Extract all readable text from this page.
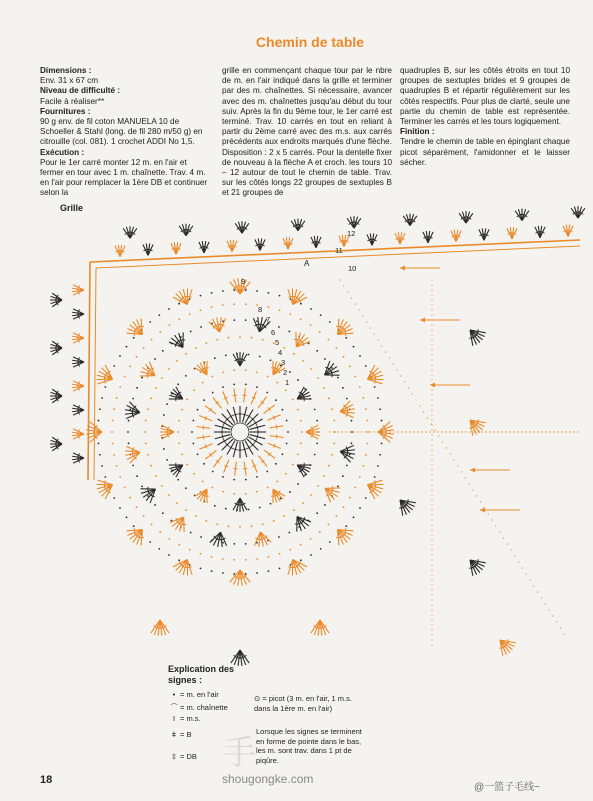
Chemin de table

Dimensions :

Env. 31 x 67 cm

Niveau de difficulté :

Facile à réaliser**

Fournitures :

90 g env. de fil coton MANUELA 10 de Schoeller & Stahl (long. de fil 280 m/50 g) en citrouille (col. 081). 1 crochet ADDI No 1,5.

Exécution :

Pour le 1er carré monter 12 m. en l'air et fermer en tour avec 1 m. chaînette. Trav. 4 m. en l'air pour remplacer la 1ère DB et continuer selon la

grille en commençant chaque tour par le nbre de m. en l'air indiqué dans la grille et terminer par des m. chaînettes. Si nécessaire, avancer avec des m. chaînettes jusqu'au début du tour suiv. Après la fin du 9ème tour, le 1er carré est terminé. Trav. 10 carrés en tout en reliant à partir du 2ème carré avec des m.s. aux carrés précédents aux endroits marqués d'une flèche. Disposition : 2 x 5 carrés. Pour la dentelle fixer de nouveau à la flèche A et croch. les tours 10 – 12 autour de tout le chemin de table. Trav. sur les côtés longs 22 groupes de sextuples B et 21 groupes de

quadruples B, sur les côtés étroits en tout 10 groupes de sextuples brides et 9 groupes de quadruples B et répartir régulièrement sur les côtés respectifs. Pour plus de clarté, seule une partie du chemin de table est représentée. Terminer les carrés et les tours logiquement.

Finition :

Tendre le chemin de table en épinglant chaque picot séparément, l'amidonner et le laisser sécher.

Grille
A
12
11
10
9
8
7
6
5
4
3
2
1
Explication des signes :
• = m. en l'air
⌒ = m. chaînette
I = m.s.
ǂ = B
‡ = DB
⊙ = picot (3 m. en l'air, 1 m.s. dans la 1ère m. en l'air)
Lorsque les signes se terminent en forme de pointe dans le bas, les m. sont trav. dans 1 pt de piqûre.
手
shougongke.com
@一篮子毛线~
18
